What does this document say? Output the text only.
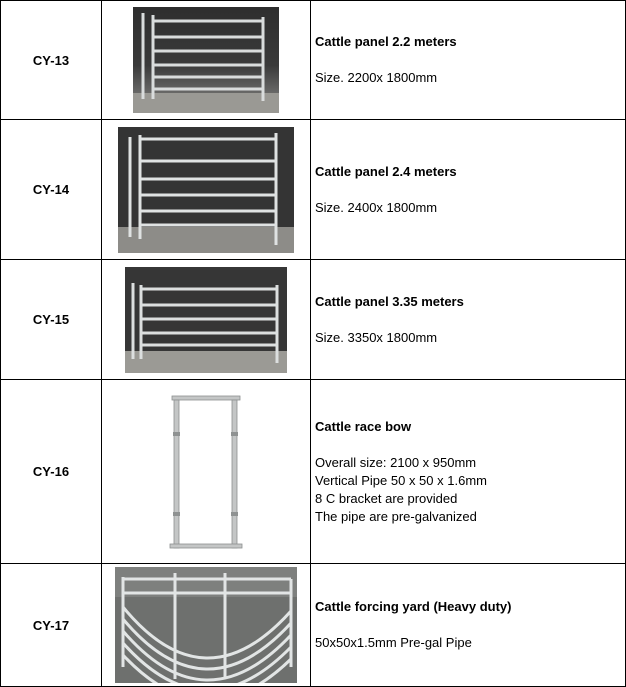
CY-13		Cattle panel 2.2 meters
Size. 2200x 1800mm

CY-14		Cattle panel 2.4 meters
Size. 2400x 1800mm

CY-15		Cattle panel 3.35 meters
Size. 3350x 1800mm

CY-16		Cattle race bow
Overall size: 2100 x 950mm
Vertical Pipe 50 x 50 x 1.6mm
8 C bracket are provided
The pipe are pre-galvanized

CY-17		Cattle forcing yard (Heavy duty)
50x50x1.5mm Pre-gal Pipe
